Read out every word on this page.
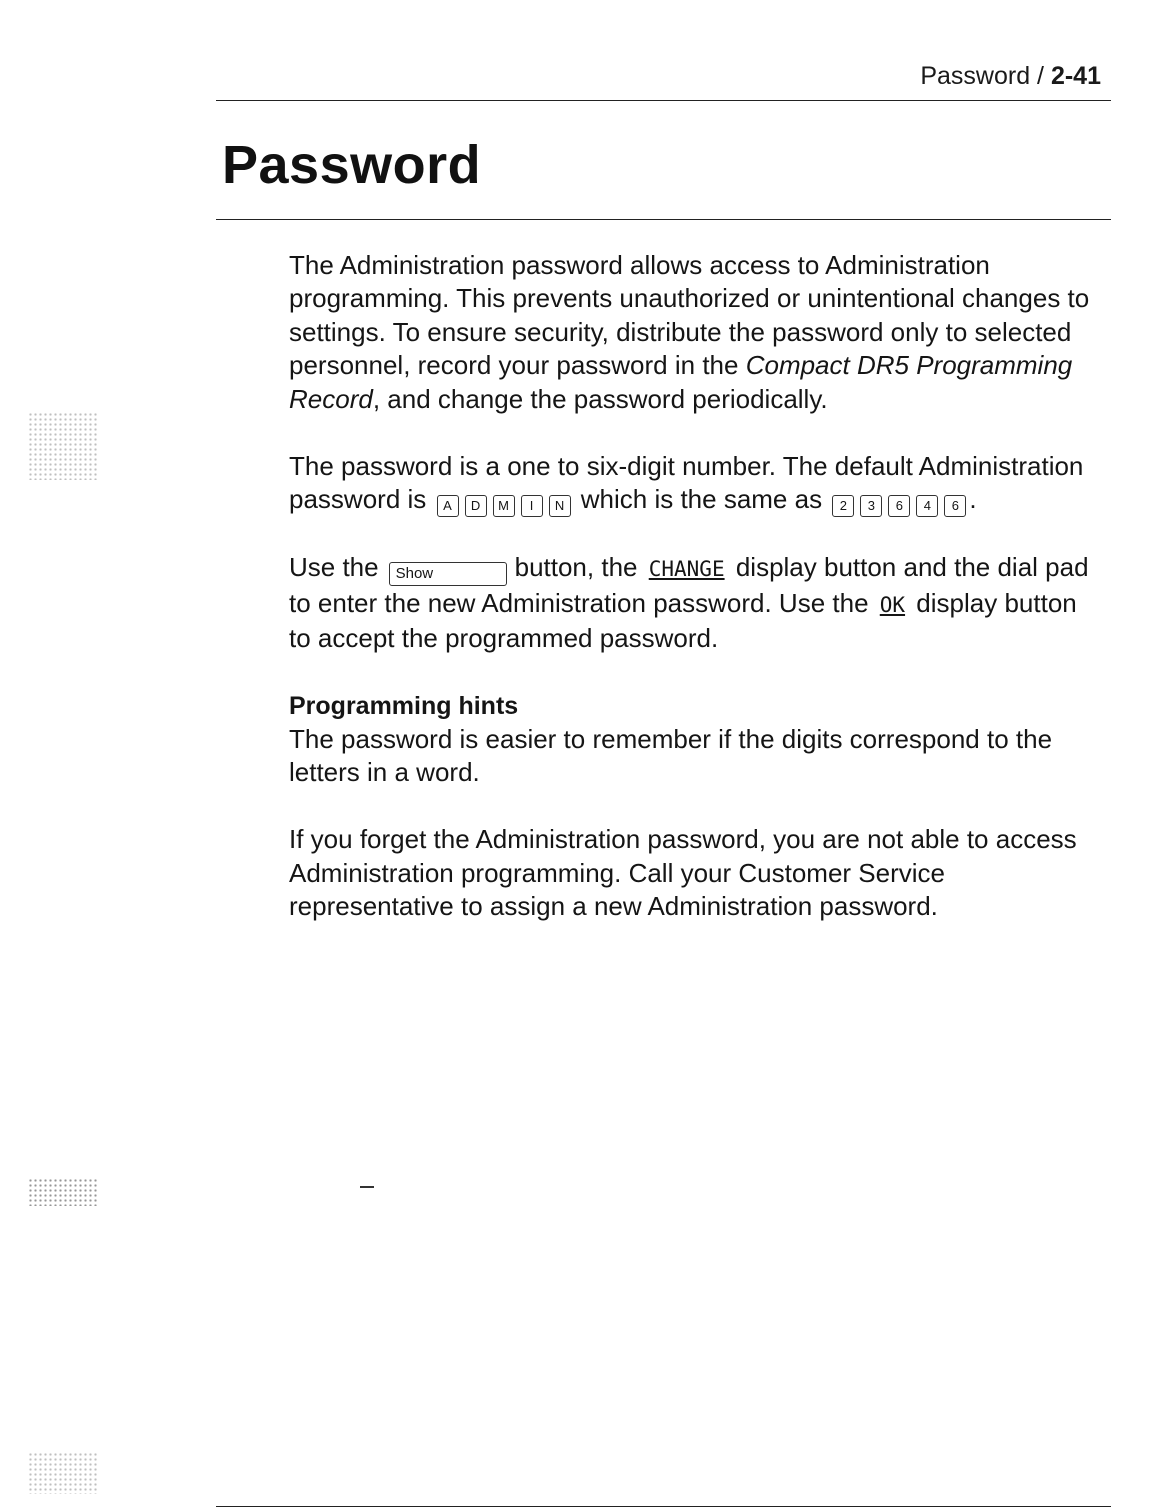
Password / 2-41
Password

The Administration password allows access to Administration programming. This prevents unauthorized or unintentional changes to settings. To ensure security, distribute the password only to selected personnel, record your password in the Compact DR5 Programming Record, and change the password periodically.

The password is a one to six-digit number. The default Administration password is A D M I N which is the same as 2 3 6 4 6 .

Use the Show	button, the CHANGE display button and the dial pad to enter the new Administration password. Use the OK display button to accept the programmed password.

Programming hints

The password is easier to remember if the digits correspond to the letters in a word.

If you forget the Administration password, you are not able to access Administration programming. Call your Customer Service representative to assign a new Administration password.
